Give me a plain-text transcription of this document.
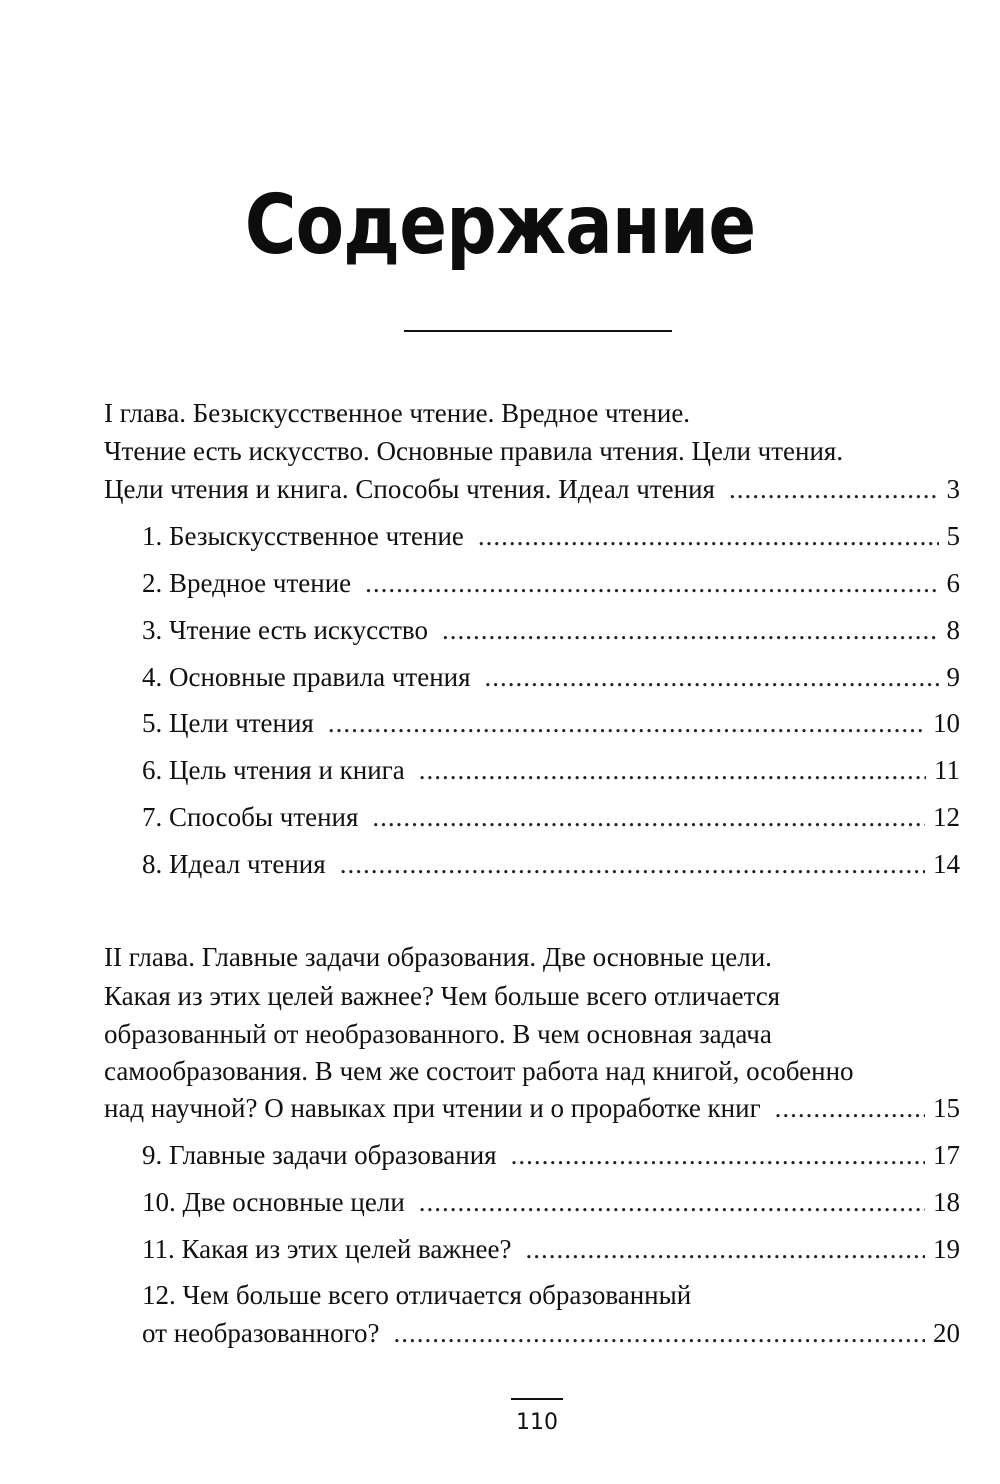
Содержание
I глава. Безыскусственное чтение. Вредное чтение.
Чтение есть искусство. Основные правила чтения. Цели чтения.
Цели чтения и книга. Способы чтения. Идеал чтения .....	3
1. Безыскусственное чтение .....	5
2. Вредное чтение .....	6
3. Чтение есть искусство .....	8
4. Основные правила чтения .....	9
5. Цели чтения .....	10
6. Цель чтения и книга .....	11
7. Способы чтения .....	12
8. Идеал чтения .....	14
II глава. Главные задачи образования. Две основные цели.
Какая из этих целей важнее? Чем больше всего отличается
образованный от необразованного. В чем основная задача
самообразования. В чем же состоит работа над книгой, особенно
над научной? О навыках при чтении и о проработке книг .....	15
9. Главные задачи образования .....	17
10. Две основные цели .....	18
11. Какая из этих целей важнее? .....	19
12. Чем больше всего отличается образованный
от необразованного? .....	20
110
